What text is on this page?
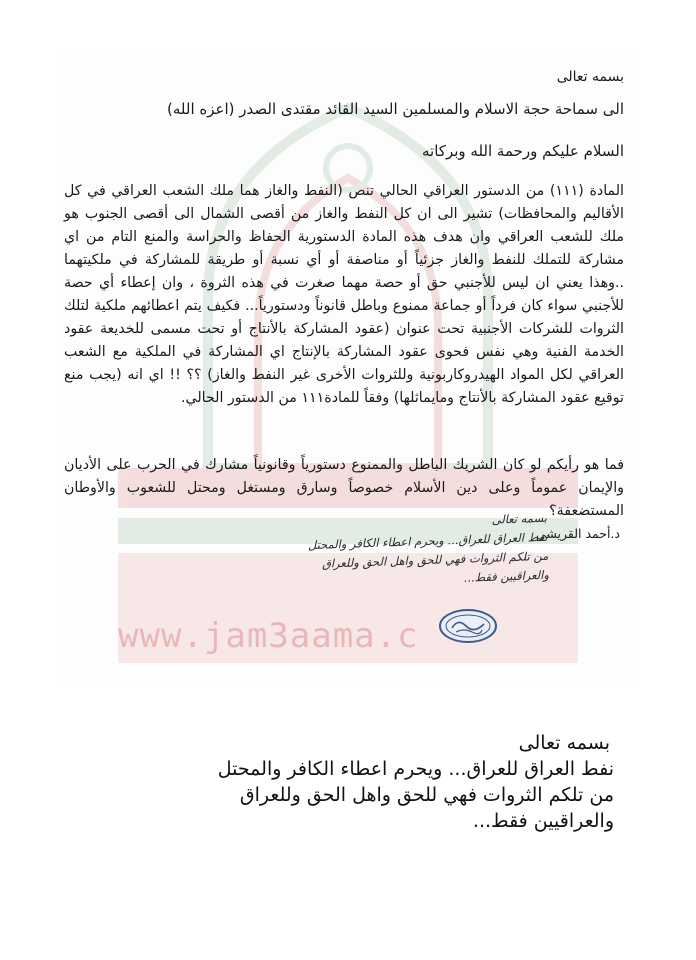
www.jam3aama.c
بسمه تعالى
الى سماحة حجة الاسلام والمسلمين السيد القائد مقتدى الصدر (اعزه الله)
السلام عليكم ورحمة الله وبركاته
المادة (١١١) من الدستور العراقي الحالي تنص (النفط والغاز هما ملك الشعب العراقي في كل الأقاليم والمحافظات) تشير الى ان كل النفط والغاز من أقصى الشمال الى أقصى الجنوب هو ملك للشعب العراقي وان هدف هذه المادة الدستورية الحفاظ والحراسة والمنع التام من اي مشاركة للتملك للنفط والغاز جزئياً أو مناصفة أو أي نسبة أو طريقة للمشاركة في ملكيتهما ..وهذا يعني ان ليس للأجنبي حق أو حصة مهما صغرت في هذه الثروة ، وان إعطاء أي حصة للأجنبي سواء كان فرداً أو جماعة ممنوع وباطل قانوناً ودستورياً... فكيف يتم اعطائهم ملكية لتلك الثروات للشركات الأجنبية تحت عنوان (عقود المشاركة بالأنتاج أو تحت مسمى للخديعة عقود الخدمة الفنية وهي نفس فحوى عقود المشاركة بالإنتاج اي المشاركة في الملكية مع الشعب العراقي لكل المواد الهيدروكاربونية وللثروات الأخرى غير النفط والغاز) ؟؟ !! اي انه (يجب منع توقيع عقود المشاركة بالأنتاج ومايماثلها) وفقاً للمادة١١١ من الدستور الحالي.
فما هو رأيكم لو كان الشريك الباطل والممنوع دستورياً وقانونياً مشارك في الحرب على الأديان والإيمان عموماً وعلى دين الأسلام خصوصاً وسارق ومستغل ومحتل للشعوب والأوطان المستضعفة؟
د.أحمد القريشي
بسمه تعالى
نفط العراق للعراق... ويحرم اعطاء الكافر والمحتل
من تلكم الثروات فهي للحق واهل الحق وللعراق
والعراقيين فقط...
بسمه تعالى
نفط العراق للعراق... ويحرم اعطاء الكافر والمحتل
من تلكم الثروات فهي للحق واهل الحق وللعراق
والعراقيين فقط...
